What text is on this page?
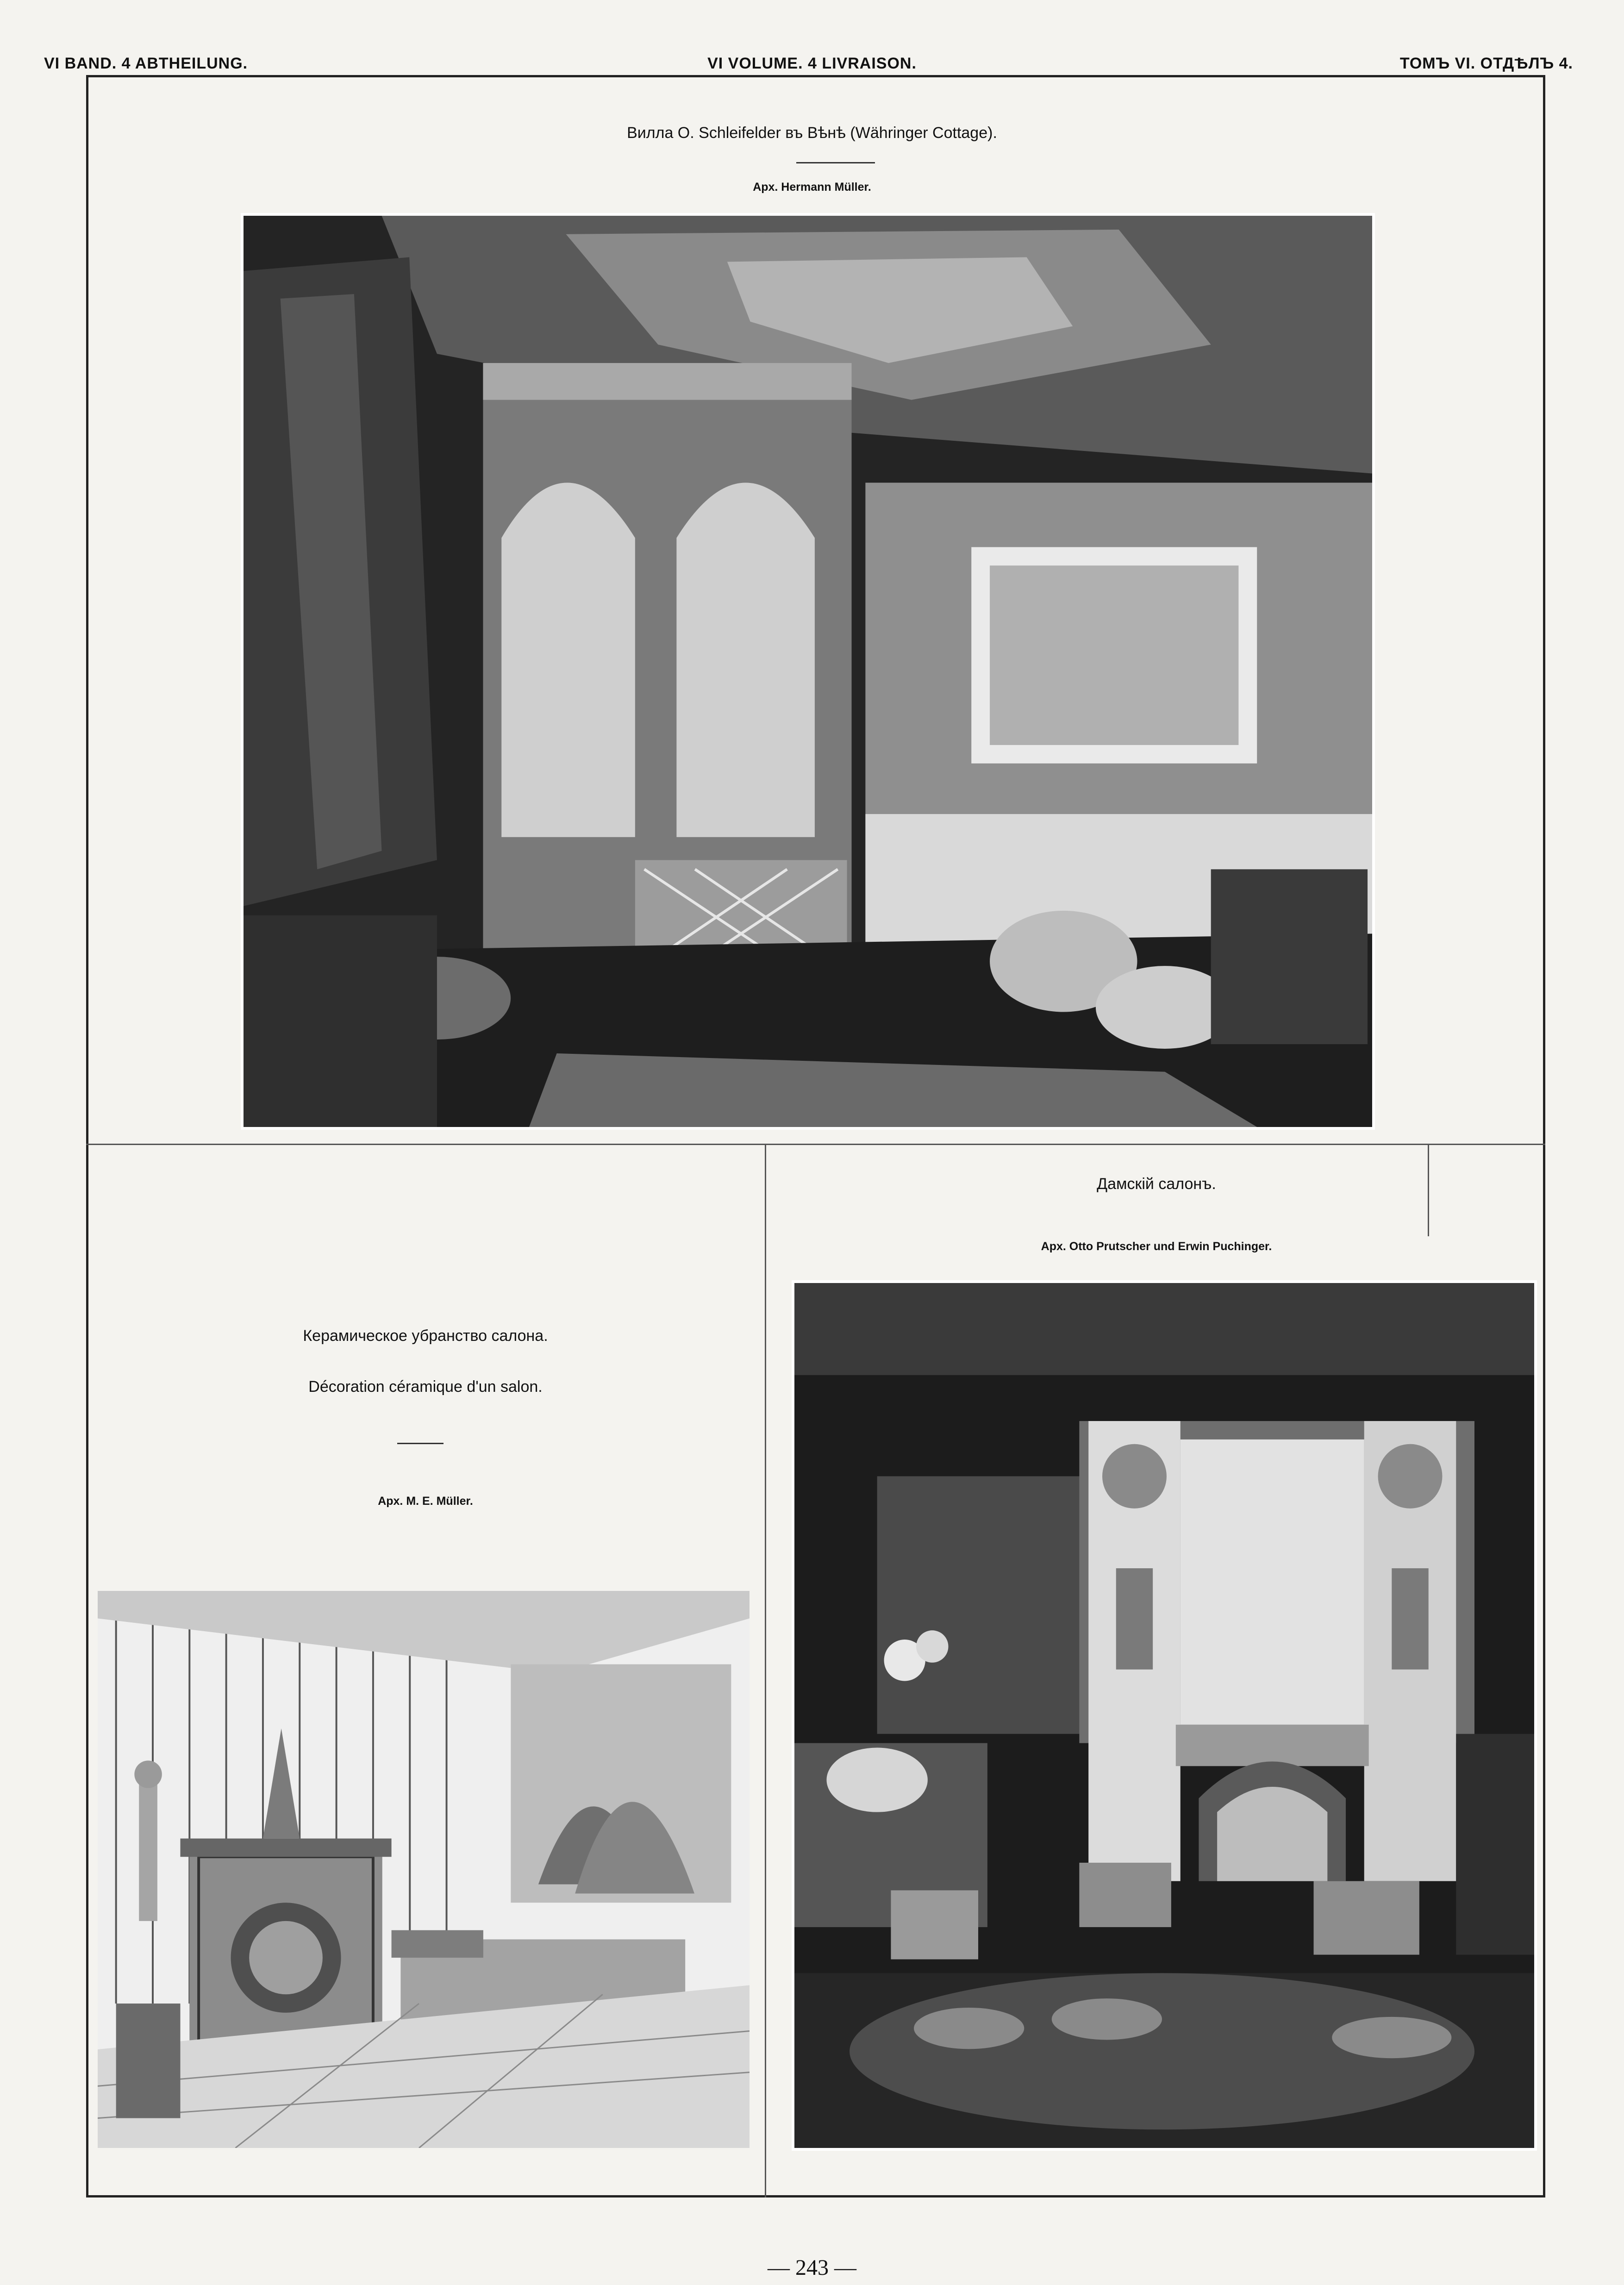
VI BAND. 4 ABTHEILUNG.	VI VOLUME. 4 LIVRAISON.	ТОМЪ VI. ОТДѢЛЪ 4.
Вилла O. Schleifelder въ Вѣнѣ (Währinger Cottage).
Apx. Hermann Müller.
Дамскій салонъ.
Apx. Otto Prutscher und Erwin Puchinger.
Керамическое убранство салона.
Décoration céramique d'un salon.
Apx. M. E. Müller.
— 243 —
